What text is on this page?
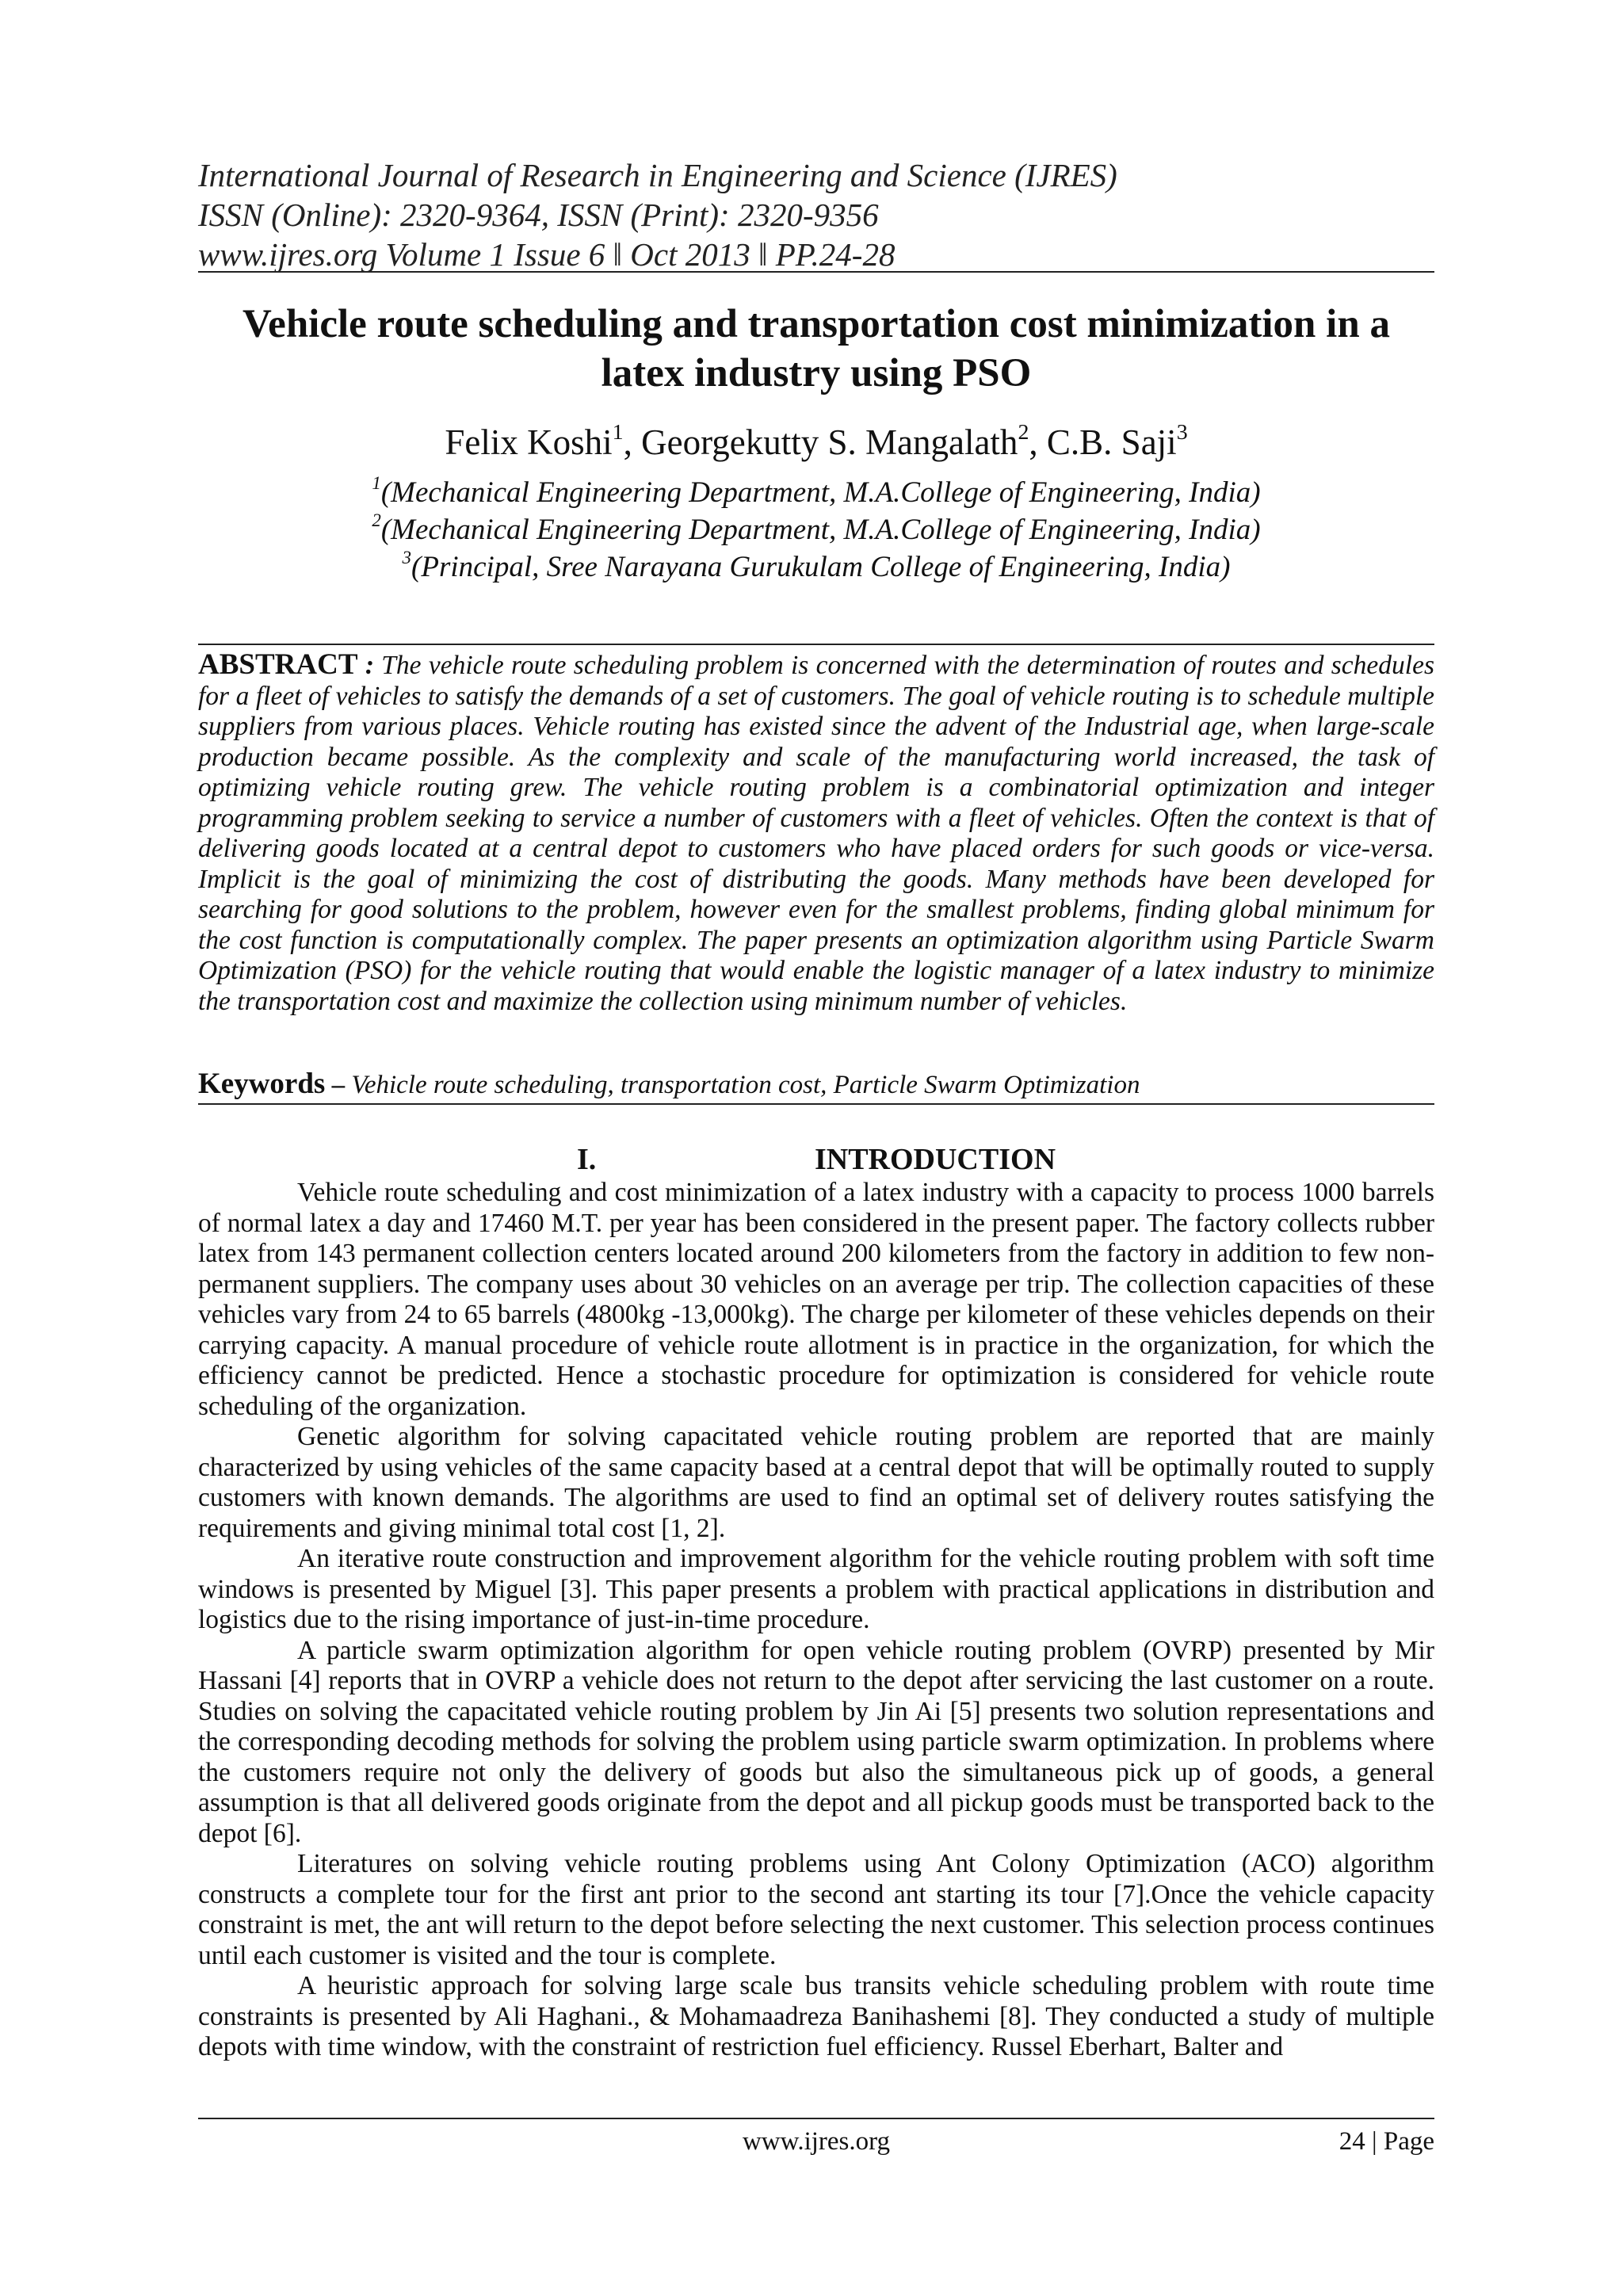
International Journal of Research in Engineering and Science (IJRES)
ISSN (Online): 2320-9364, ISSN (Print): 2320-9356
www.ijres.org Volume 1 Issue 6 ǁ Oct 2013 ǁ PP.24-28
Vehicle route scheduling and transportation cost minimization in a latex industry using PSO
Felix Koshi$^1$, Georgekutty S. Mangalath$^2$, C.B. Saji$^3$
$^1$(Mechanical Engineering Department, M.A.College of Engineering, India)
$^2$(Mechanical Engineering Department, M.A.College of Engineering, India)
$^3$(Principal, Sree Narayana Gurukulam College of Engineering, India)
ABSTRACT : The vehicle route scheduling problem is concerned with the determination of routes and schedules for a fleet of vehicles to satisfy the demands of a set of customers. The goal of vehicle routing is to schedule multiple suppliers from various places. Vehicle routing has existed since the advent of the Industrial age, when large-scale production became possible. As the complexity and scale of the manufacturing world increased, the task of optimizing vehicle routing grew. The vehicle routing problem is a combinatorial optimization and integer programming problem seeking to service a number of customers with a fleet of vehicles. Often the context is that of delivering goods located at a central depot to customers who have placed orders for such goods or vice-versa. Implicit is the goal of minimizing the cost of distributing the goods. Many methods have been developed for searching for good solutions to the problem, however even for the smallest problems, finding global minimum for the cost function is computationally complex. The paper presents an optimization algorithm using Particle Swarm Optimization (PSO) for the vehicle routing that would enable the logistic manager of a latex industry to minimize the transportation cost and maximize the collection using minimum number of vehicles.
Keywords – Vehicle route scheduling, transportation cost, Particle Swarm Optimization
I.	INTRODUCTION

Vehicle route scheduling and cost minimization of a latex industry with a capacity to process 1000 barrels of normal latex a day and 17460 M.T. per year has been considered in the present paper. The factory collects rubber latex from 143 permanent collection centers located around 200 kilometers from the factory in addition to few non-permanent suppliers. The company uses about 30 vehicles on an average per trip. The collection capacities of these vehicles vary from 24 to 65 barrels (4800kg -13,000kg). The charge per kilometer of these vehicles depends on their carrying capacity. A manual procedure of vehicle route allotment is in practice in the organization, for which the efficiency cannot be predicted. Hence a stochastic procedure for optimization is considered for vehicle route scheduling of the organization.

Genetic algorithm for solving capacitated vehicle routing problem are reported that are mainly characterized by using vehicles of the same capacity based at a central depot that will be optimally routed to supply customers with known demands. The algorithms are used to find an optimal set of delivery routes satisfying the requirements and giving minimal total cost [1, 2].

An iterative route construction and improvement algorithm for the vehicle routing problem with soft time windows is presented by Miguel [3]. This paper presents a problem with practical applications in distribution and logistics due to the rising importance of just-in-time procedure.

A particle swarm optimization algorithm for open vehicle routing problem (OVRP) presented by Mir Hassani [4] reports that in OVRP a vehicle does not return to the depot after servicing the last customer on a route. Studies on solving the capacitated vehicle routing problem by Jin Ai [5] presents two solution representations and the corresponding decoding methods for solving the problem using particle swarm optimization. In problems where the customers require not only the delivery of goods but also the simultaneous pick up of goods, a general assumption is that all delivered goods originate from the depot and all pickup goods must be transported back to the depot [6].

Literatures on solving vehicle routing problems using Ant Colony Optimization (ACO) algorithm constructs a complete tour for the first ant prior to the second ant starting its tour [7].Once the vehicle capacity constraint is met, the ant will return to the depot before selecting the next customer. This selection process continues until each customer is visited and the tour is complete.

A heuristic approach for solving large scale bus transits vehicle scheduling problem with route time constraints is presented by Ali Haghani., & Mohamaadreza Banihashemi [8]. They conducted a study of multiple depots with time window, with the constraint of restriction fuel efficiency. Russel Eberhart, Balter and

www.ijres.org	24 | Page
